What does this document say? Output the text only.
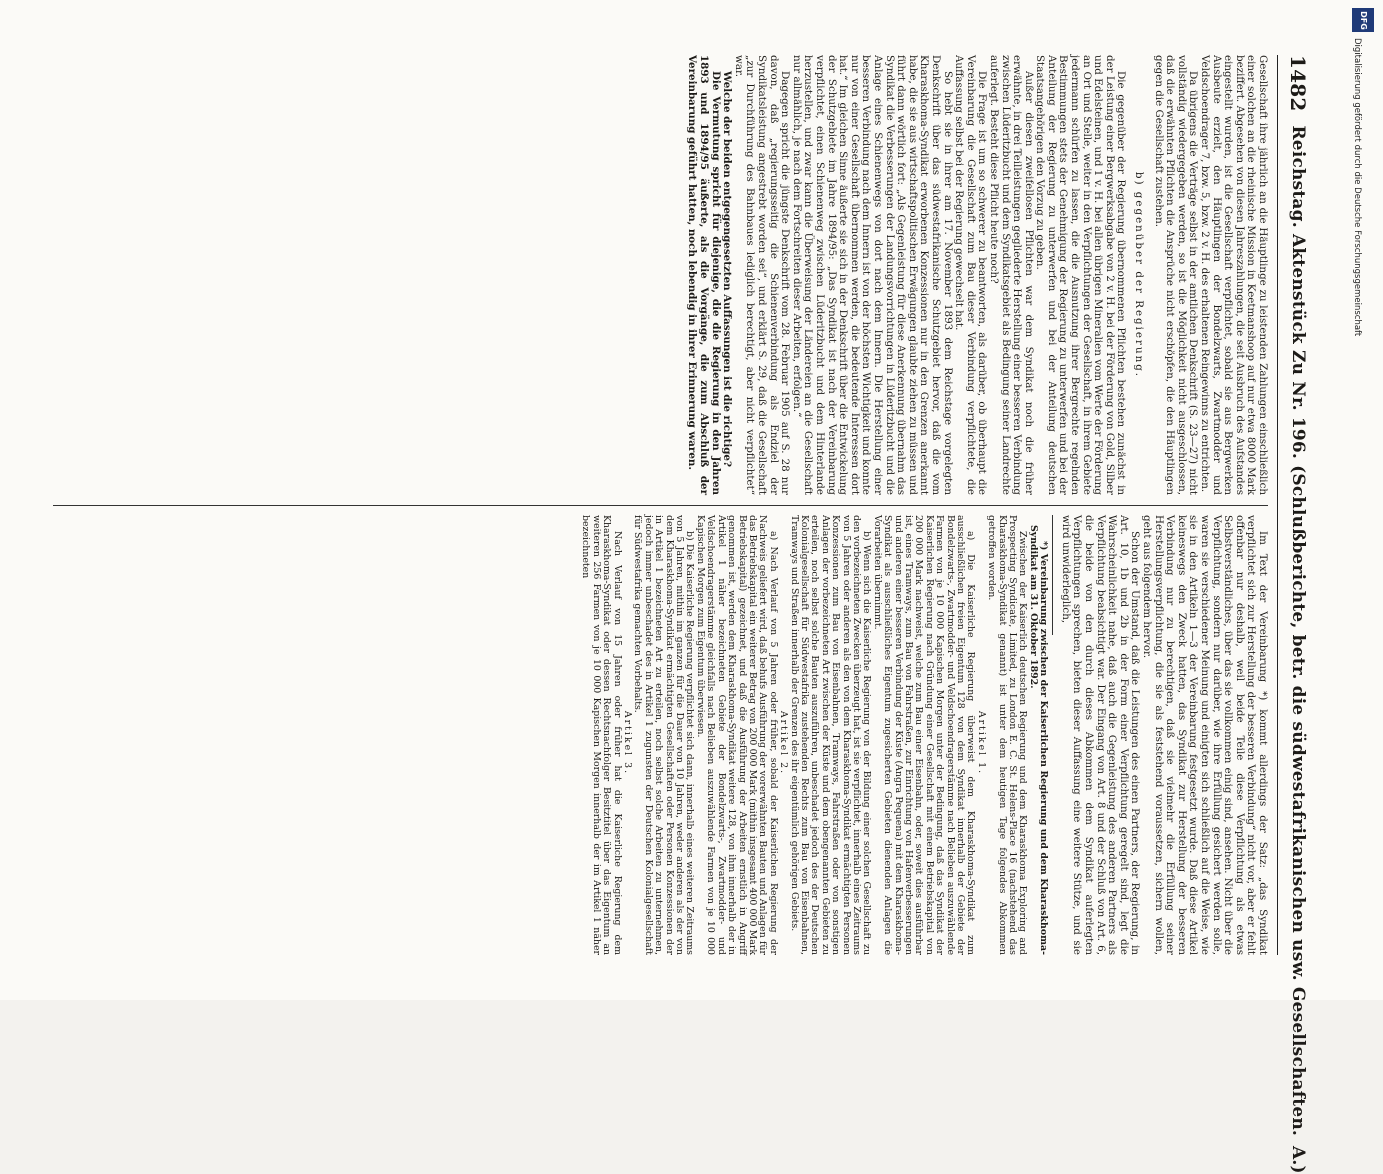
1482
Reichstag. Aktenstück Zu Nr. 196. (Schlußberichte, betr. die südwestafrikanischen usw. Gesellschaften.
A.)

Gesellschaft ihre jährlich an die Häuptlinge zu leistenden Zahlungen einschließlich einer solchen an die rheinische Mission in Keetmanshoop auf nur etwa 8000 Mark beziffert. Abgesehen von diesen Jahreszahlungen, die seit Ausbruch des Aufstandes eingestellt wurden, ist die Gesellschaft verpflichtet, sobald sie aus Bergwerken Ausbeute erzielt, den Häuptlingen der Bondelzwarts, Zwartmodder und Veldschoendrager 7, bzw. 5, bzw. 2 v. H. des erhaltenen Reingewinns zu entrichten.

Da übrigens die Verträge selbst in der amtlichen Denkschrift (S. 23—27) nicht vollständig wiedergegeben werden, so ist die Möglichkeit nicht ausgeschlossen, daß die erwähnten Pflichten die Ansprüche nicht erschöpfen, die den Häuptlingen gegen die Gesellschaft zustehen.

b) gegenüber der Regierung.

Die gegenüber der Regierung übernommenen Pflichten bestehen zunächst in der Leistung einer Bergwerksabgabe von 2 v. H. bei der Förderung von Gold, Silber und Edelsteinen, und 1 v. H. bei allen übrigen Mineralien vom Werte der Förderung an Ort und Stelle, weiter in den Verpflichtungen der Gesellschaft, in ihrem Gebiete jedermann schürfen zu lassen, die die Ausnutzung ihrer Bergrechte regelnden Bestimmungen stets der Genehmigung der Regierung zu unterwerfen und bei der Anteilung der Regierung zu unterwerfen und bei der Anteilung deutschen Staatsangehörigen den Vorzug zu geben.

Außer diesen zweifellosen Pflichten war dem Syndikat noch die früher erwähnte, in drei Teilleistungen gegliederte Herstellung einer besseren Verbindung zwischen Lüderitzbucht und dem Syndikatsgebiet als Bedingung seiner Landrechte auferlegt. Besteht diese Pflicht heute noch?

Die Frage ist um so schwerer zu beantworten, als darüber, ob überhaupt die Vereinbarung die Gesellschaft zum Bau dieser Verbindung verpflichtete, die Auffassung selbst bei der Regierung gewechselt hat.

So hebt sie in ihrer am 17. November 1893 dem Reichstage vorgelegten Denkschrift über das südwestafrikanische Schutzgebiet hervor, daß die vom Kharaskhoma-Syndikat erworbenen Konzessionen nur in den Grenzen anerkannt habe, die sie aus wirtschaftspolitischen Erwägungen glaubte ziehen zu müssen und führt dann wörtlich fort: „Als Gegenleistung für diese Anerkennung übernahm das Syndikat die Verbesserungen der Landungsvorrichtungen in Lüderitzbucht und die Anlage eines Schienenwegs von dort nach dem Innern. Die Herstellung einer besseren Verbindung nach dem Innern ist von der höchsten Wichtigkeit und konnte nur von einer Gesellschaft übernommen werden, die bedeutende Interessen dort hat.“ Im gleichen Sinne äußerte sie sich in der Denkschrift über die Entwickelung der Schutzgebiete im Jahre 1894/95: „Das Syndikat ist nach der Vereinbarung verpflichtet, einen Schienenweg zwischen Lüderitzbucht und dem Hinterlande herzustellen, und zwar kann die Überweisung der Ländereien an die Gesellschaft nur allmählich, je nach dem Fortschreiten dieser Arbeiten, erfolgen.“

Dagegen spricht die jüngste Denkschrift vom 28. Februar 1905 auf S. 28 nur davon, daß „regierungsseitig die Schienenverbindung als Endziel der Syndikatsleistung angestrebt worden sei“, und erklärt S. 29, daß die Gesellschaft „zur Durchführung des Bahnbaues lediglich berechtigt, aber nicht verpflichtet“ war.

Welche der beiden entgegengesetzten Auffassungen ist die richtige?

Die Vermutung spricht für diejenige, die die Regierung in den Jahren 1893 und 1894/95 äußerte, als die Vorgänge, die zum Abschluß der Vereinbarung geführt hatten, noch lebendig in ihrer Erinnerung waren.

Im Text der Vereinbarung *) kommt allerdings der Satz: „das Syndikat verpflichtet sich zur Herstellung der besseren Verbindung“ nicht vor, aber er fehlt offenbar nur deshalb, weil beide Teile diese Verpflichtung als etwas Selbstverständliches, über das sie vollkommen einig sind, ansehen. Nicht über die Verpflichtung, sondern nur darüber, wie ihre Erfüllung gesichert werden solle, waren sie verschiedener Meinung und einigten sich schließlich auf die Weise, wie sie in den Artikeln 1—3 der Vereinbarung festgesetzt wurde. Daß diese Artikel keineswegs den Zweck hatten, das Syndikat zur Herstellung der besseren Verbindung nur zu berechtigen, daß sie vielmehr die Erfüllung seiner Herstellungsverpflichtung, die sie als feststehend voraussetzen, sichern wollen, geht aus folgendem hervor.

Schon der Umstand, daß die Leistungen des einen Partners, der Regierung, in Art. 10, 1b und 2b in der Form einer Verpflichtung geregelt sind, legt die Wahrscheinlichkeit nahe, daß auch die Gegenleistung des anderen Partners als Verpflichtung beabsichtigt war. Der Eingang von Art. 8 und der Schluß von Art. 6, die beide von den durch dieses Abkommen dem Syndikat auferlegten Verpflichtungen sprechen, bieten dieser Auffassung eine weitere Stütze, und sie wird unwiderleglich,

*) Vereinbarung zwischen der Kaiserlichen Regierung und dem Kharaskhoma-Syndikat am 31. Oktober 1892.

Zwischen der Kaiserlich deutschen Regierung und dem Kharaskhoma Exploring and Prospecting Syndicate, Limited, zu London E. C. St. Helens-Place 16 (nachstehend das Kharaskhoma-Syndikat genannt) ist unter dem heutigen Tage folgendes Abkommen getroffen worden.

Artikel 1.

a) Die Kaiserliche Regierung überweist dem Kharaskhoma-Syndikat zum ausschließlichen freien Eigentum 128 von dem Syndikat innerhalb der Gebiete der Bondelzwarts-, Zwartmodder- und Veldschoendragerstämme nach Belieben auszuwählende Farmen von je 10 000 Kapischen Morgen unter der Bedingung, daß das Syndikat der Kaiserlichen Regierung nach Gründung einer Gesellschaft mit einem Betriebskapital von 200 000 Mark nachweist, welche zum Bau einer Eisenbahn, oder, soweit dies ausführbar ist, eines Tramways, zum Bau von Fahrstraßen, zur Einrichtung von Hafenverbesserungen und anderen einer besseren Verbindung der Küste (Angra Pequena) mit dem Kharaskhoma-Syndikat als ausschließliches Eigentum zugesicherten Gebieten dienenden Anlagen die Vorarbeiten übernimmt.

b) Wenn sich die Kaiserliche Regierung von der Bildung einer solchen Gesellschaft zu den vorbezeichneten Zwecken überzeugt hat, ist sie verpflichtet, innerhalb eines Zeitraums von 5 Jahren oder anderen als den von dem Kharaskhoma-Syndikat ermächtigten Personen Konzessionen zum Bau von Eisenbahnen, Tramways, Fahrstraßen oder von sonstigen Anlagen der vorbezeichneten Art zwischen der Küste und dem obengenannten Gebieten zu erteilen, noch selbst solche Bauten auszuführen, unbeschadet jedoch des der Deutschen Kolonialgesellschaft für Südwestafrika zustehenden Rechts zum Bau von Eisenbahnen, Tramways und Straßen innerhalb der Grenzen des ihr eigentümlich gehörigen Gebiets.

Artikel 2.

a) Nach Verlauf von 5 Jahren oder früher, sobald der Kaiserlichen Regierung der Nachweis geliefert wird, daß behufs Ausführung der vorerwähnten Bauten und Anlagen für das Betriebskapital ein weiterer Betrag von 200 000 Mark (mithin insgesamt 400 000 Mark Betriebskapital) gezeichnet, und daß die Ausführung der Arbeiten ernstlich in Angriff genommen ist, werden dem Kharaskhoma-Syndikat weitere 128, von ihm innerhalb der in Artikel 1 näher bezeichneten Gebiete der Bondelzwarts-, Zwartmodder- und Veldschoendragerstämme gleichfalls nach Belieben auszuwählende Farmen von je 10 000 Kapischen Morgen zum Eigentum überwiesen.

b) Die Kaiserliche Regierung verpflichtet sich dann, innerhalb eines weiteren Zeitraums von 5 Jahren, mithin im ganzen für die Dauer von 10 Jahren, weder anderen als der von dem Kharaskhoma-Syndikat ermächtigten Gesellschaften oder Personen Konzessionen der in Artikel 1 bezeichneten Art zu erteilen, noch selbst solche Arbeiten zu unternehmen, jedoch immer unbeschadet des in Artikel 1 zugunsten der Deutschen Kolonialgesellschaft für Südwestafrika gemachten Vorbehalts.

Artikel 3.

Nach Verlauf von 15 Jahren oder früher hat die Kaiserliche Regierung dem Kharaskhoma-Syndikat oder dessen Rechtsnachfolger Besitztitel über das Eigentum an weiteren 256 Farmen von je 10 000 Kapischen Morgen innerhalb der im Artikel 1 näher bezeichneten

DFG
Digitalisierung gefördert durch die Deutsche Forschungsgemeinschaft
